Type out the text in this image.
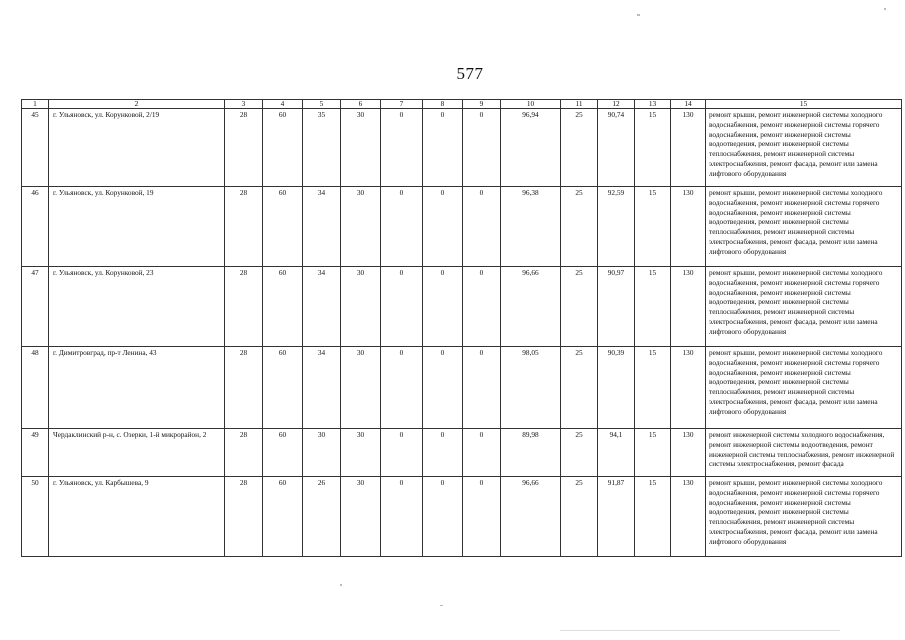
577
1	2	3	4	5	6	7	8	9	10	11	12	13	14	15
45	г. Ульяновск, ул. Корунковой, 2/19	28	60	35	30	0	0	0	96,94	25	90,74	15	130	ремонт крыши, ремонт инженерной системы холодного водоснабжения, ремонт инженерной системы горячего водоснабжения, ремонт инженерной системы водоотведения, ремонт инженерной системы теплоснабжения, ремонт инженерной системы электроснабжения, ремонт фасада, ремонт или замена лифтового оборудования
46	г. Ульяновск, ул. Корунковой, 19	28	60	34	30	0	0	0	96,38	25	92,59	15	130	ремонт крыши, ремонт инженерной системы холодного водоснабжения, ремонт инженерной системы горячего водоснабжения, ремонт инженерной системы водоотведения, ремонт инженерной системы теплоснабжения, ремонт инженерной системы электроснабжения, ремонт фасада, ремонт или замена лифтового оборудования
47	г. Ульяновск, ул. Корунковой, 23	28	60	34	30	0	0	0	96,66	25	90,97	15	130	ремонт крыши, ремонт инженерной системы холодного водоснабжения, ремонт инженерной системы горячего водоснабжения, ремонт инженерной системы водоотведения, ремонт инженерной системы теплоснабжения, ремонт инженерной системы электроснабжения, ремонт фасада, ремонт или замена лифтового оборудования
48	г. Димитровград, пр-т Ленина, 43	28	60	34	30	0	0	0	98,05	25	90,39	15	130	ремонт крыши, ремонт инженерной системы холодного водоснабжения, ремонт инженерной системы горячего водоснабжения, ремонт инженерной системы водоотведения, ремонт инженерной системы теплоснабжения, ремонт инженерной системы электроснабжения, ремонт фасада, ремонт или замена лифтового оборудования
49	Чердаклинский р-н, с. Озерки, 1-й микрорайон, 2	28	60	30	30	0	0	0	89,98	25	94,1	15	130	ремонт инженерной системы холодного водоснабжения, ремонт инженерной системы водоотведения, ремонт инженерной системы теплоснабжения, ремонт инженерной системы электроснабжения, ремонт фасада
50	г. Ульяновск, ул. Карбышева, 9	28	60	26	30	0	0	0	96,66	25	91,87	15	130	ремонт крыши, ремонт инженерной системы холодного водоснабжения, ремонт инженерной системы горячего водоснабжения, ремонт инженерной системы водоотведения, ремонт инженерной системы теплоснабжения, ремонт инженерной системы электроснабжения, ремонт фасада, ремонт или замена лифтового оборудования
